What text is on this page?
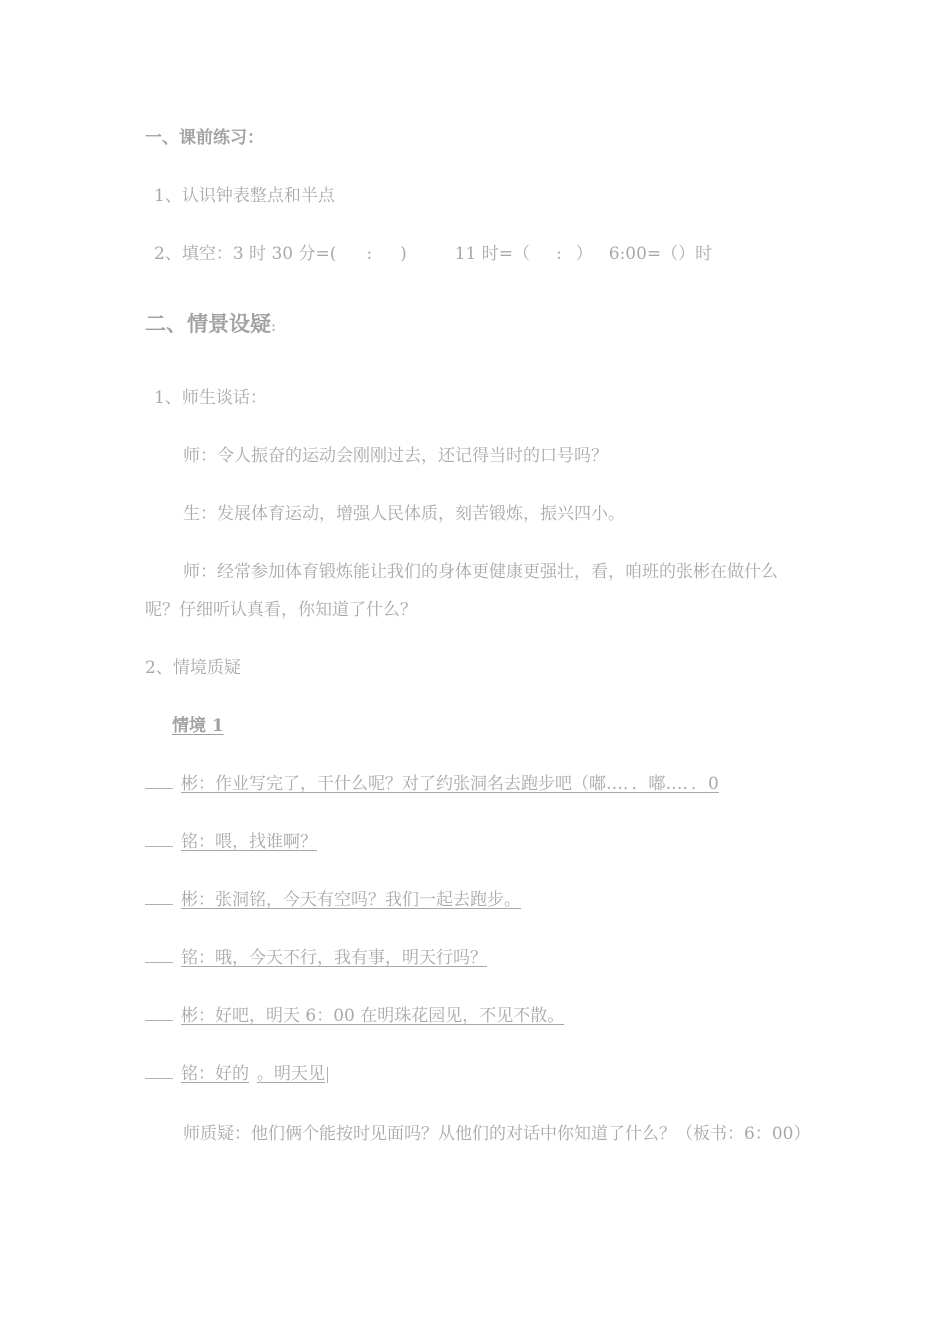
一、课前练习：
1、认识钟表整点和半点
2、填空：3 时 30 分=( : )	11 时=（ : ） 6:00=（）时
二、情景设疑:
1、师生谈话：
师：令人振奋的运动会刚刚过去，还记得当时的口号吗？
生：发展体育运动，增强人民体质，刻苦锻炼，振兴四小。
师：经常参加体育锻炼能让我们的身体更健康更强壮，看，咱班的张彬在做什么呢？仔细听认真看，你知道了什么？
2、情境质疑
情境 1
彬：作业写完了，干什么呢？对了约张洞名去跑步吧（嘟…．．嘟…．．0
铭：喂，找谁啊？
彬：张洞铭，今天有空吗？我们一起去跑步。
铭：哦，今天不行，我有事，明天行吗？
彬：好吧，明天 6：00 在明珠花园见，不见不散。
铭：好的 。明天见
师质疑：他们俩个能按时见面吗？从他们的对话中你知道了什么？（板书：6：00）
